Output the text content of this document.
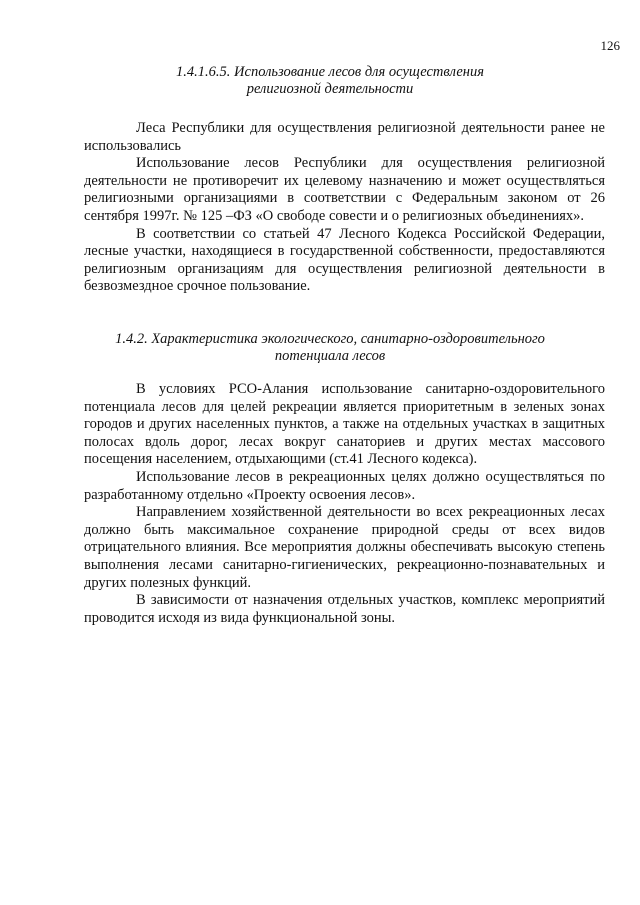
126
1.4.1.6.5. Использование лесов для осуществления
религиозной деятельности

Леса Республики для осуществления религиозной деятельности ранее не использовались

Использование лесов Республики для осуществления религиозной деятельности не противоречит их целевому назначению и может осуществляться религиозными организациями в соответствии с Федеральным законом от 26 сентября 1997г. № 125 –ФЗ «О свободе совести и о религиозных объединениях».

В соответствии со статьей 47 Лесного Кодекса Российской Федерации, лесные участки, находящиеся в государственной собственности, предоставляются религиозным организациям для осуществления религиозной деятельности в безвозмездное срочное пользование.

1.4.2. Характеристика экологического, санитарно-оздоровительного
потенциала лесов

В условиях РСО-Алания использование санитарно-оздоровительного потенциала лесов для целей рекреации является приоритетным в зеленых зонах городов и других населенных пунктов, а также на отдельных участках в защитных полосах вдоль дорог, лесах вокруг санаториев и других местах массового посещения населением, отдыхающими (ст.41 Лесного кодекса).

Использование лесов в рекреационных целях должно осуществляться по разработанному отдельно «Проекту освоения лесов».

Направлением хозяйственной деятельности во всех рекреационных лесах должно быть максимальное сохранение природной среды от всех видов отрицательного влияния. Все мероприятия должны обеспечивать высокую степень выполнения лесами санитарно-гигиенических, рекреационно-познавательных и других полезных функций.

В зависимости от назначения отдельных участков, комплекс мероприятий проводится исходя из вида функциональной зоны.
